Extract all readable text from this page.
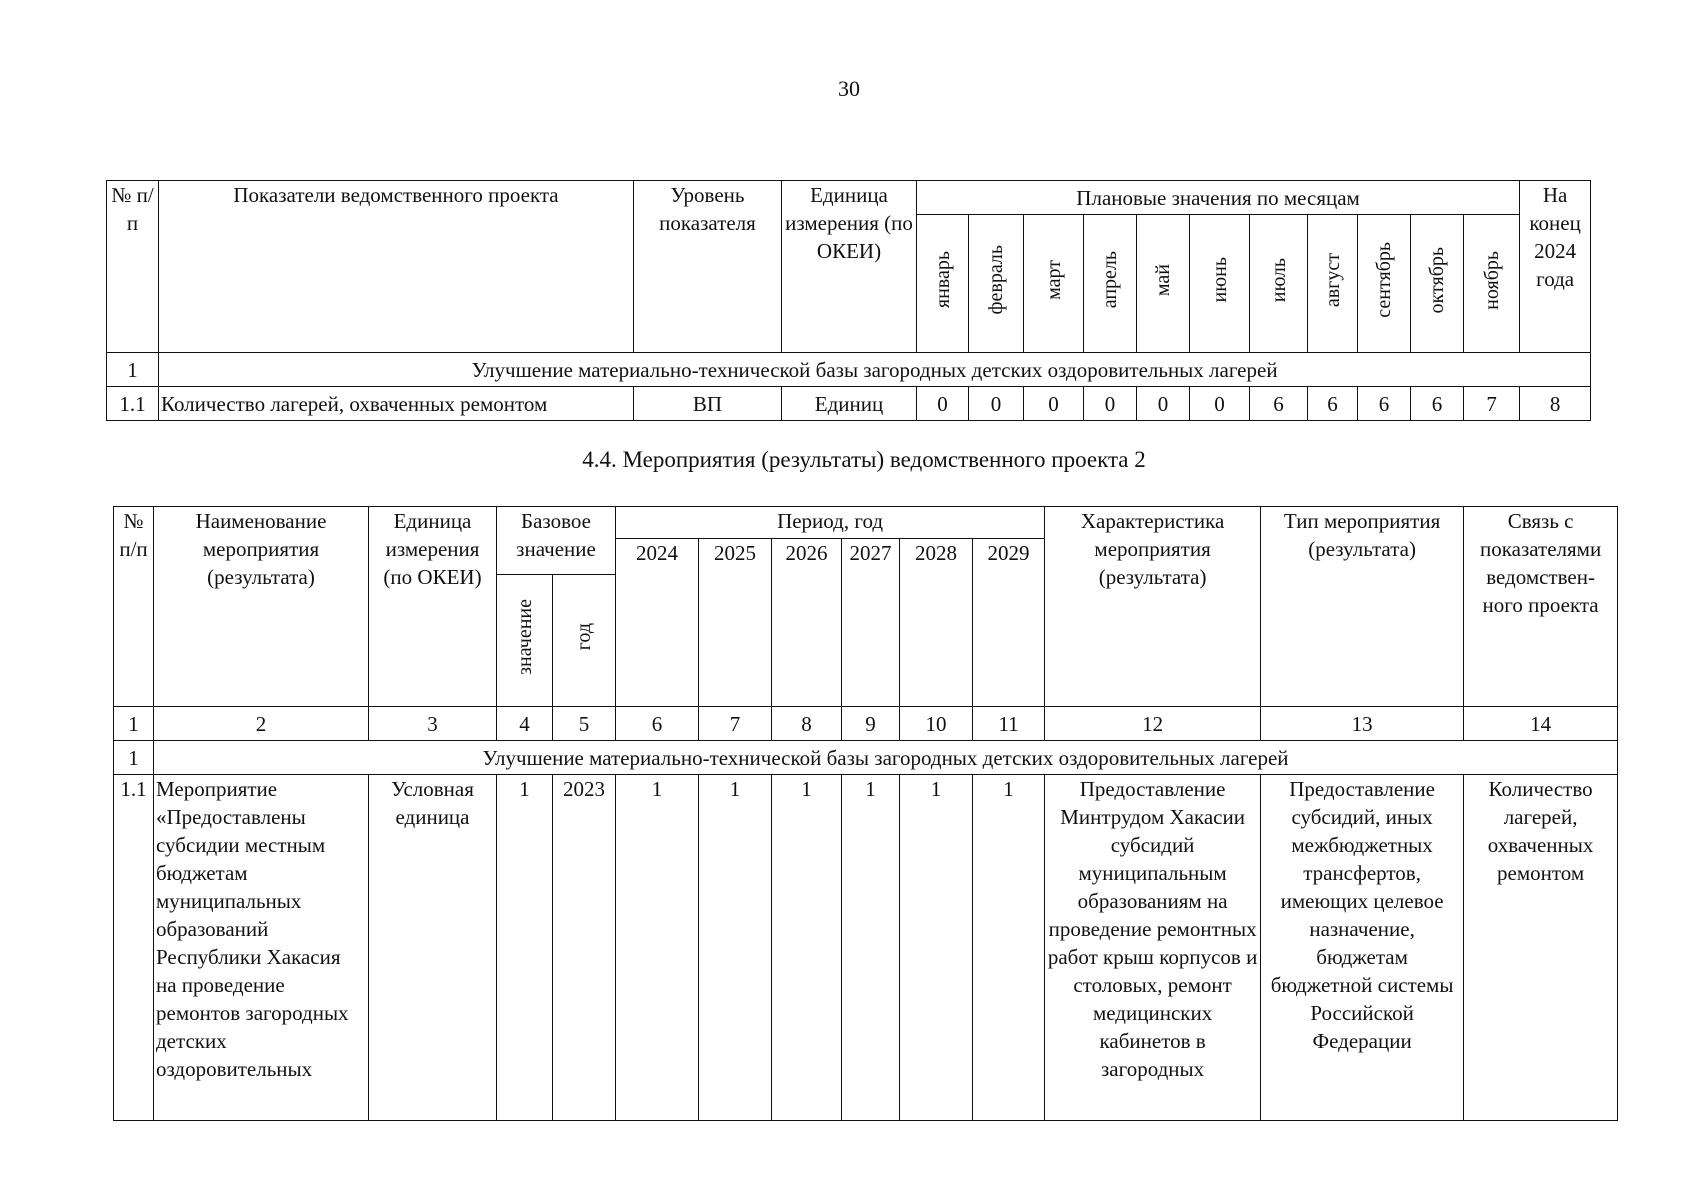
30
№ п/п	Показатели ведомственного проекта	Уровень показателя	Единица измерения (по ОКЕИ)	Плановые значения по месяцам											На конец 2024 года
				январь	февраль	март	апрель	май	июнь	июль	август	сентябрь	октябрь	ноябрь	
1	Улучшение материально-технической базы загородных детских оздоровительных лагерей														
1.1	Количество лагерей, охваченных ремонтом	ВП	Единиц	0	0	0	0	0	0	6	6	6	6	7	8
4.4. Мероприятия (результаты) ведомственного проекта 2
№ п/п	Наименование мероприятия (результата)	Единица измерения (по ОКЕИ)	Базовое значение		Период, год						Характеристика мероприятия (результата)	Тип мероприятия (результата)	Связь с показателями ведомствен-ного проекта
					2024	2025	2026	2027	2028	2029			
			значение	год									
1	2	3	4	5	6	7	8	9	10	11	12	13	14
1	Улучшение материально-технической базы загородных детских оздоровительных лагерей												
1.1	Мероприятие «Предоставлены субсидии местным бюджетам муниципальных образований Республики Хакасия на проведение ремонтов загородных детских оздоровительных	Условная единица	1	2023	1	1	1	1	1	1	Предоставление Минтрудом Хакасии субсидий муниципальным образованиям на проведение ремонтных работ крыш корпусов и столовых, ремонт медицинских кабинетов в загородных	Предоставление субсидий, иных межбюджетных трансфертов, имеющих целевое назначение, бюджетам бюджетной системы Российской Федерации	Количество лагерей, охваченных ремонтом
